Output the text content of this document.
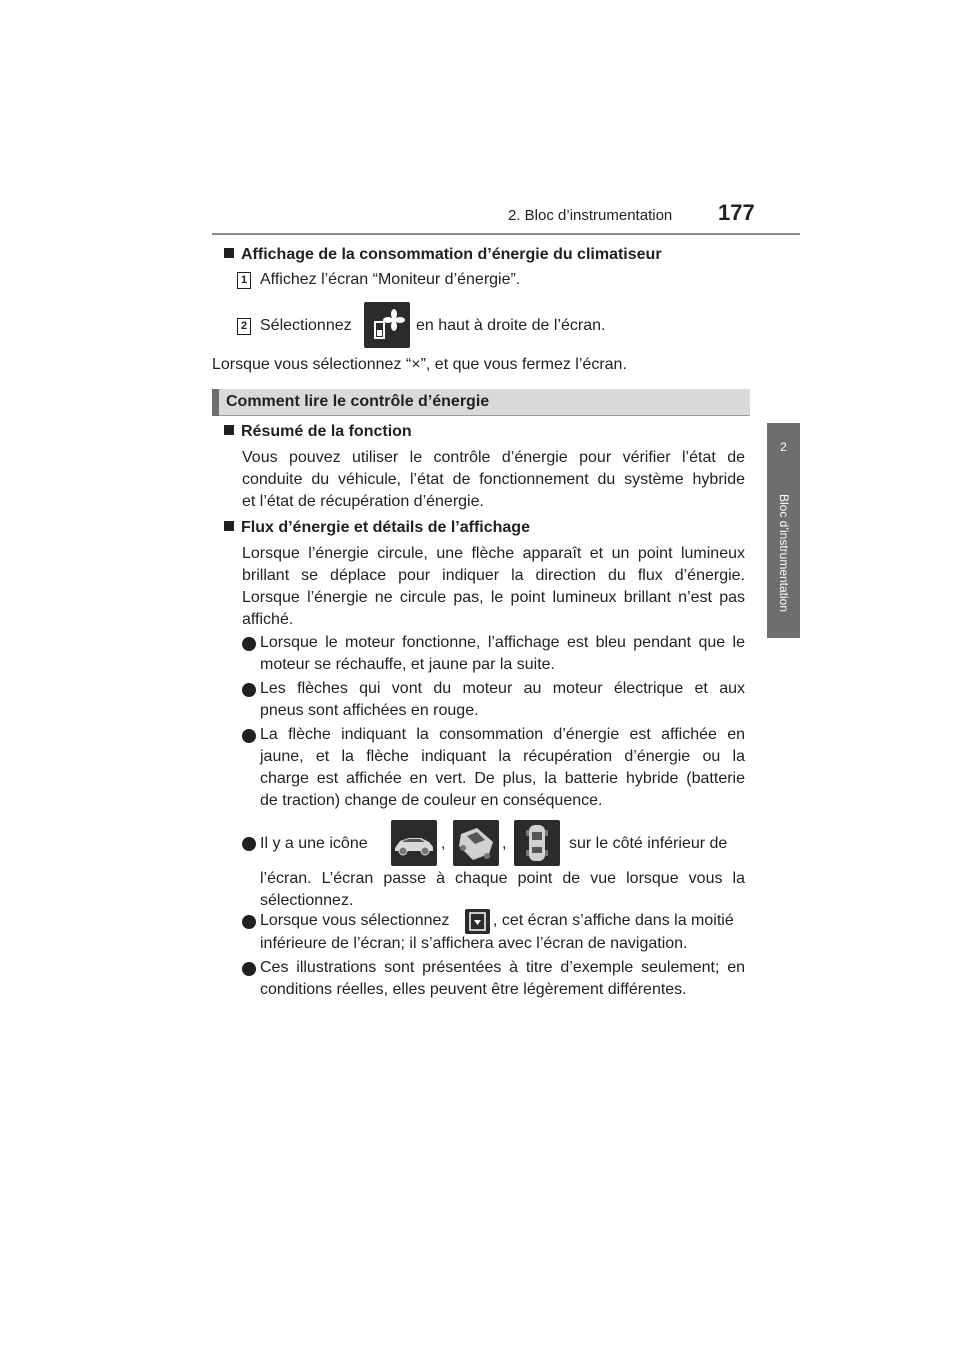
2. Bloc d’instrumentation 177
2
Bloc d’instrumentation
Affichage de la consommation d’énergie du climatiseur
1 Affichez l’écran “Moniteur d’énergie”.
2 Sélectionnez	en haut à droite de l’écran.
Lorsque vous sélectionnez “×”, et que vous fermez l’écran.
Comment lire le contrôle d’énergie
Résumé de la fonction
Vous pouvez utiliser le contrôle d’énergie pour vérifier l’état de
conduite du véhicule, l’état de fonctionnement du système hybride
et l’état de récupération d’énergie.
Flux d’énergie et détails de l’affichage
Lorsque l’énergie circule, une flèche apparaît et un point lumineux
brillant se déplace pour indiquer la direction du flux d’énergie.
Lorsque l’énergie ne circule pas, le point lumineux brillant n’est pas
affiché.
Lorsque le moteur fonctionne, l’affichage est bleu pendant que le
moteur se réchauffe, et jaune par la suite.
Les flèches qui vont du moteur au moteur électrique et aux
pneus sont affichées en rouge.
La flèche indiquant la consommation d’énergie est affichée en
jaune, et la flèche indiquant la récupération d’énergie ou la
charge est affichée en vert. De plus, la batterie hybride (batterie
de traction) change de couleur en conséquence.
Il y a une icône	,	,	sur le côté inférieur de
l’écran. L’écran passe à chaque point de vue lorsque vous la
sélectionnez.
Lorsque vous sélectionnez	, cet écran s’affiche dans la moitié
inférieure de l’écran; il s’affichera avec l’écran de navigation.
Ces illustrations sont présentées à titre d’exemple seulement; en
conditions réelles, elles peuvent être légèrement différentes.
